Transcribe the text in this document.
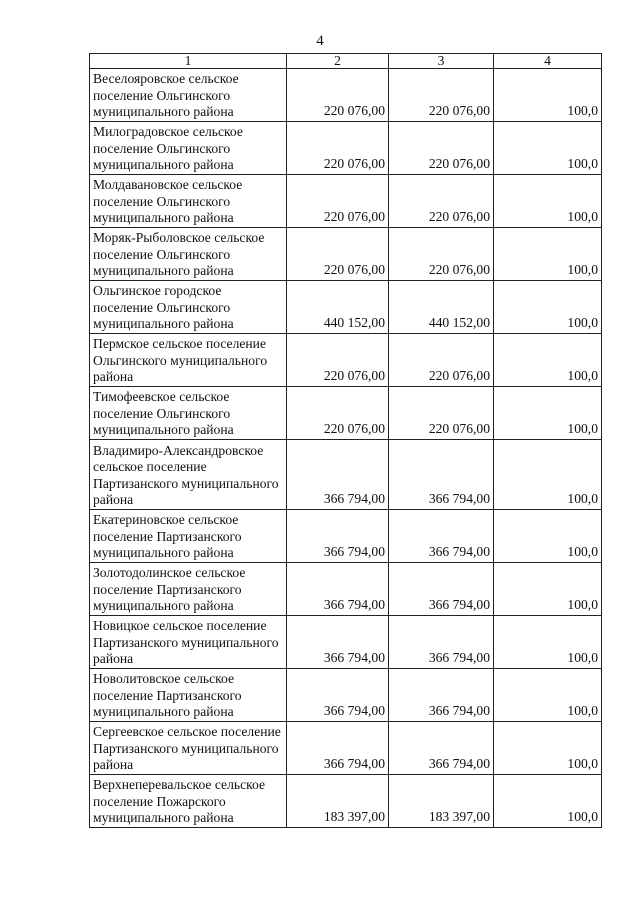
4
1	2	3	4
Веселояровское сельское поселение Ольгинского муниципального района	220 076,00	220 076,00	100,0
Милоградовское сельское поселение Ольгинского муниципального района	220 076,00	220 076,00	100,0
Молдавановское сельское поселение Ольгинского муниципального района	220 076,00	220 076,00	100,0
Моряк-Рыболовское сельское поселение Ольгинского муниципального района	220 076,00	220 076,00	100,0
Ольгинское городское поселение Ольгинского муниципального района	440 152,00	440 152,00	100,0
Пермское сельское поселение Ольгинского муниципального района	220 076,00	220 076,00	100,0
Тимофеевское сельское поселение Ольгинского муниципального района	220 076,00	220 076,00	100,0
Владимиро-Александровское сельское поселение Партизанского муниципального района	366 794,00	366 794,00	100,0
Екатериновское сельское поселение Партизанского муниципального района	366 794,00	366 794,00	100,0
Золотодолинское сельское поселение Партизанского муниципального района	366 794,00	366 794,00	100,0
Новицкое сельское поселение Партизанского муниципального района	366 794,00	366 794,00	100,0
Новолитовское сельское поселение Партизанского муниципального района	366 794,00	366 794,00	100,0
Сергеевское сельское поселение Партизанского муниципального района	366 794,00	366 794,00	100,0
Верхнеперевальское сельское поселение Пожарского муниципального района	183 397,00	183 397,00	100,0
